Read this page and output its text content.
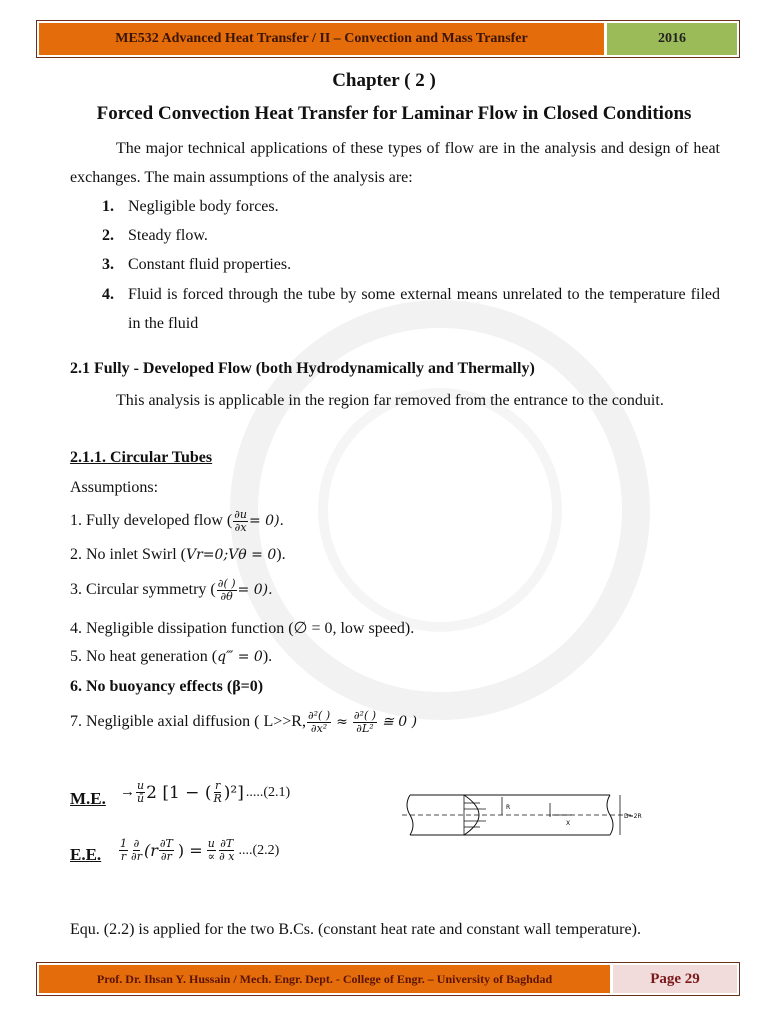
ME532 Advanced Heat Transfer / II – Convection and Mass Transfer	2016
Chapter ( 2 )
Forced Convection Heat Transfer for Laminar Flow in Closed Conditions
The major technical applications of these types of flow are in the analysis and design of heat exchanges. The main assumptions of the analysis are:
1. Negligible body forces.
2. Steady flow.
3. Constant fluid properties.
4. Fluid is forced through the tube by some external means unrelated to the temperature filed in the fluid
2.1 Fully - Developed Flow (both Hydrodynamically and Thermally)
This analysis is applicable in the region far removed from the entrance to the conduit.
2.1.1. Circular Tubes
Assumptions:
1. Fully developed flow ( $\frac{\partial u}{\partial x} = 0$).
2. No inlet Swirl (Vr=0;Vθ = 0).
3. Circular symmetry ( $\frac{\partial( )}{\partial\theta} = 0$).
4. Negligible dissipation function (∅ = 0, low speed).
5. No heat generation (q‴ = 0).
6. No buoyancy effects (β=0)
7. Negligible axial diffusion ( L>>R, $\frac{\text{∂²( )}}{\text{∂x²}} \approx \frac{\text{∂²( )}}{\text{∂L²}}$ ≅ 0 )
M.E. → $\frac{u}{ū} 2$ [1 − ( $\frac{r}{R} )^2$] .....(2.1)
E.E. $\frac{1}{r} \frac{\partial}{\partial r} (r \frac{\partial T}{\partial r}$ ) = $\frac{u}{\propto} \frac{\partial T}{\partial x} ....(2.2)$
R
X
D=2R
Equ. (2.2) is applied for the two B.Cs. (constant heat rate and constant wall temperature).
Prof. Dr. Ihsan Y. Hussain / Mech. Engr. Dept. - College of Engr. – University of Baghdad	Page 29
